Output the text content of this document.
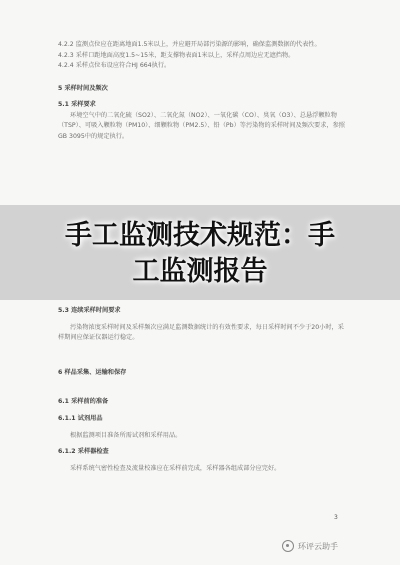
4.2.2 监测点位应在距离地面1.5米以上，并应避开局部污染源的影响，确保监测数据的代表性。

4.2.3 采样口距地面高度1.5~15米，距支撑物表面1米以上，采样点周边应无遮挡物。

4.2.4 采样点位布设应符合HJ 664执行。

5 采样时间及频次

5.1 采样要求

环境空气中的二氧化硫（SO2）、二氧化氮（NO2）、一氧化碳（CO）、臭氧（O3）、总悬浮颗粒物（TSP）、可吸入颗粒物（PM10）、细颗粒物（PM2.5）、铅（Pb）等污染物的采样时间及频次要求，参照GB 3095中的规定执行。

手工监测技术规范：手
工监测报告

5.3 连续采样时间要求

污染物浓度采样时间及采样频次应满足监测数据统计的有效性要求，每日采样时间不少于20小时，采样期间应保证仪器运行稳定。

6 样品采集、运输和保存

6.1 采样前的准备

6.1.1 试剂用品

根据监测项目准备所需试剂和采样用品。

6.1.2 采样器检查

采样系统气密性检查及流量校准应在采样前完成，采样器各组成部分应完好。

3
环评云助手
